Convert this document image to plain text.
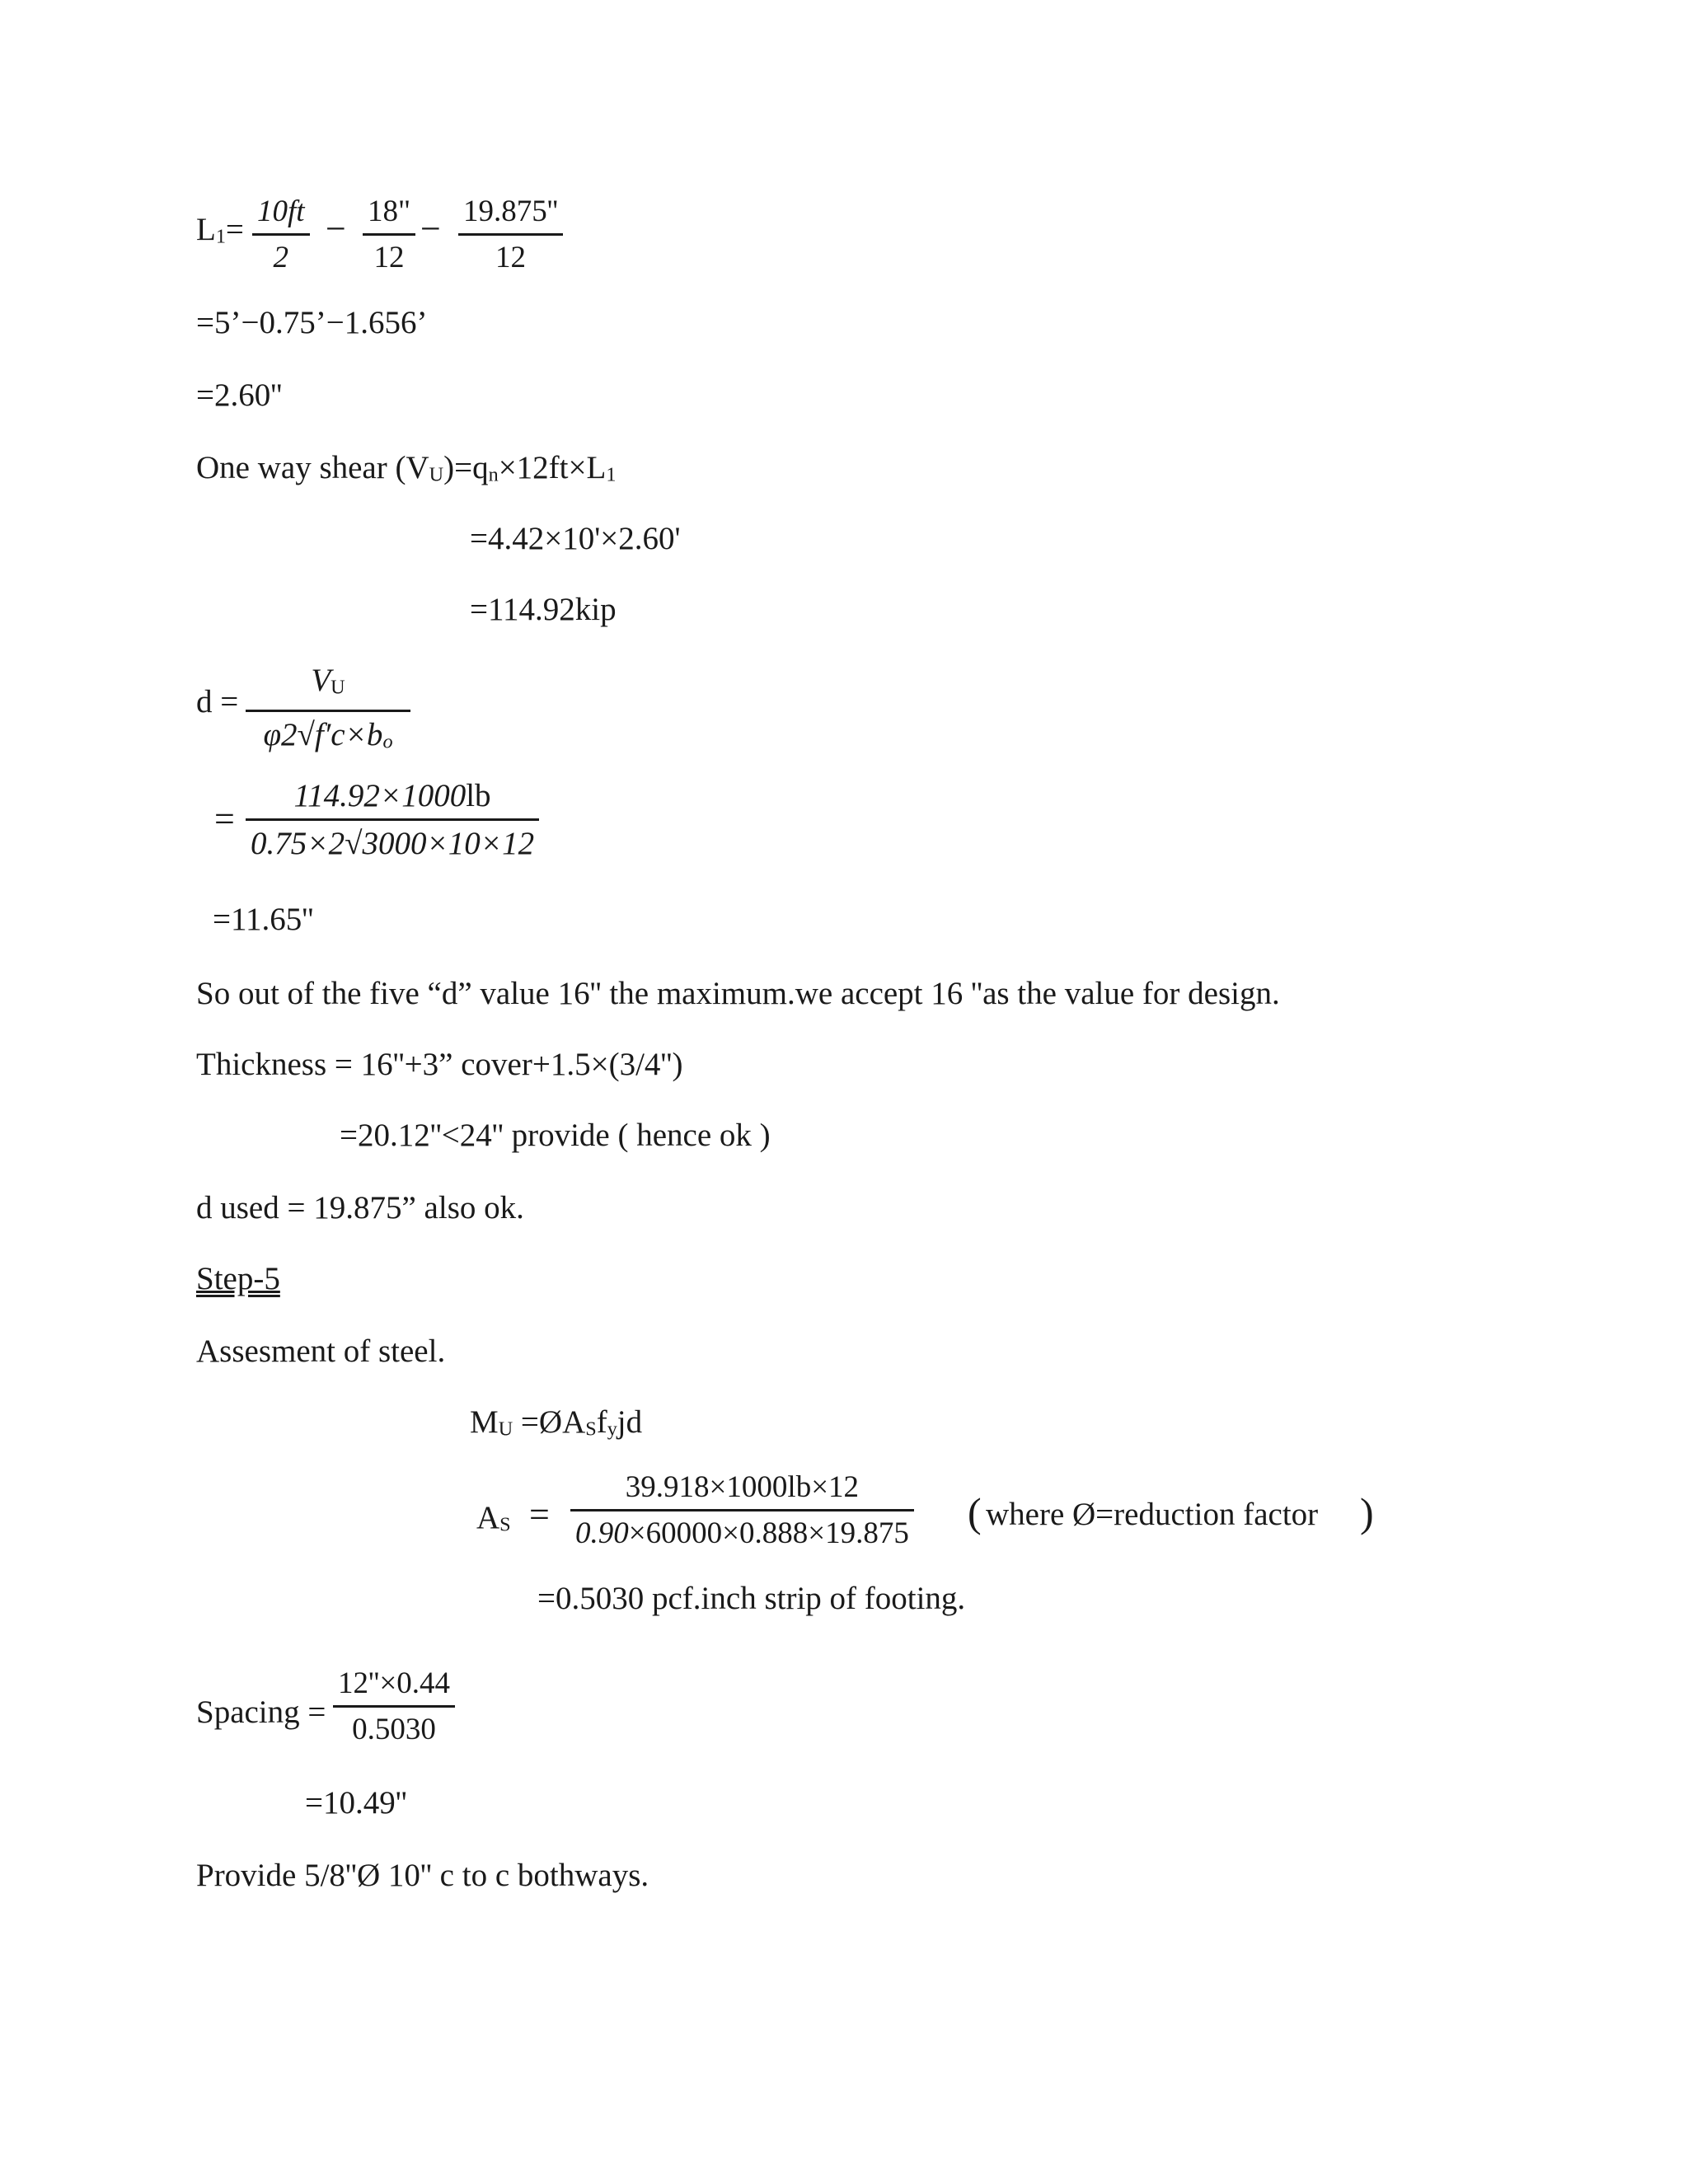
L1=
10ft
2
− 18"
12
− 19.875''
12
=5’−0.75’−1.656’
=2.60''
One way shear (VU)=qn×12ft×L1
=4.42×10'×2.60'
=114.92kip
d =
VU
φ2√f′c×bo
=
114.92×1000lb
0.75×2√3000×10×12
=11.65''
So out of the five “d” value 16'' the maximum.we accept 16 ''as the value for design.
Thickness = 16''+3” cover+1.5×(3/4'')
=20.12''<24'' provide ( hence ok )
d used = 19.875” also ok.
Step-5
Assesment of steel.
MU =ØASfyjd
AS =
39.918×1000lb×12
0.90×60000×0.888×19.875 ( where Ø=reduction factor )
=0.5030 pcf.inch strip of footing.
Spacing =
12''×0.44
0.5030
=10.49''
Provide 5/8''Ø 10'' c to c bothways.
